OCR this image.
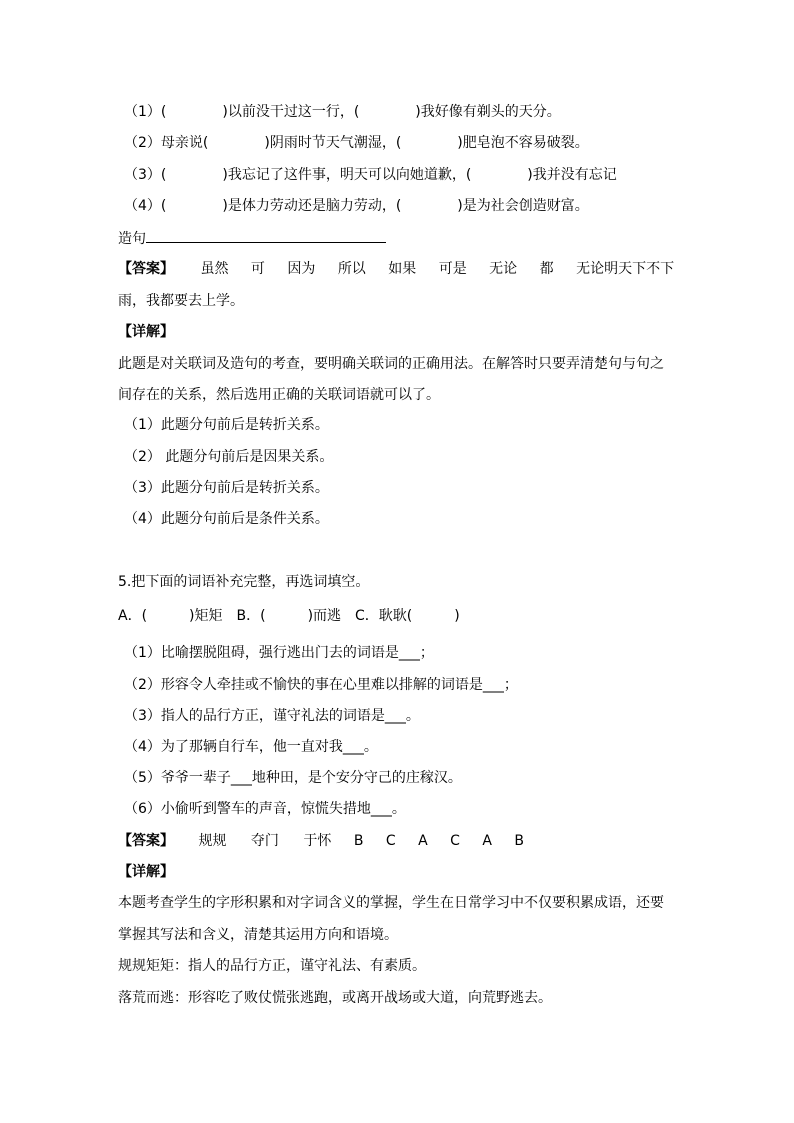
（1）(　　　　)以前没干过这一行，(　　　　)我好像有剃头的天分。
（2）母亲说(　　　　)阴雨时节天气潮湿，(　　　　)肥皂泡不容易破裂。
（3）(　　　　)我忘记了这件事，明天可以向她道歉，(　　　　)我并没有忘记
（4）(　　　　)是体力劳动还是脑力劳动，(　　　　)是为社会创造财富。
造句
【答案】 虽然 可 因为 所以 如果 可是 无论 都 无论明天下不下
雨，我都要去上学。
【详解】
此题是对关联词及造句的考查，要明确关联词的正确用法。在解答时只要弄清楚句与句之
间存在的关系，然后选用正确的关联词语就可以了。
（1）此题分句前后是转折关系。
（2） 此题分句前后是因果关系。
（3）此题分句前后是转折关系。
（4）此题分句前后是条件关系。
5.把下面的词语补充完整，再选词填空。
A．(　　　)矩矩　B．(　　　)而逃　C．耿耿(　　　)
（1）比喻摆脱阻碍，强行逃出门去的词语是___；
（2）形容令人牵挂或不愉快的事在心里难以排解的词语是___；
（3）指人的品行方正，谨守礼法的词语是___。
（4）为了那辆自行车，他一直对我___。
（5）爷爷一辈子___地种田，是个安分守己的庄稼汉。
（6）小偷听到警车的声音，惊慌失措地___。
【答案】 规规 夺门 于怀 B C A C A B
【详解】
本题考查学生的字形积累和对字词含义的掌握，学生在日常学习中不仅要积累成语，还要
掌握其写法和含义，清楚其运用方向和语境。
规规矩矩：指人的品行方正，谨守礼法、有素质。
落荒而逃：形容吃了败仗慌张逃跑，或离开战场或大道，向荒野逃去。
